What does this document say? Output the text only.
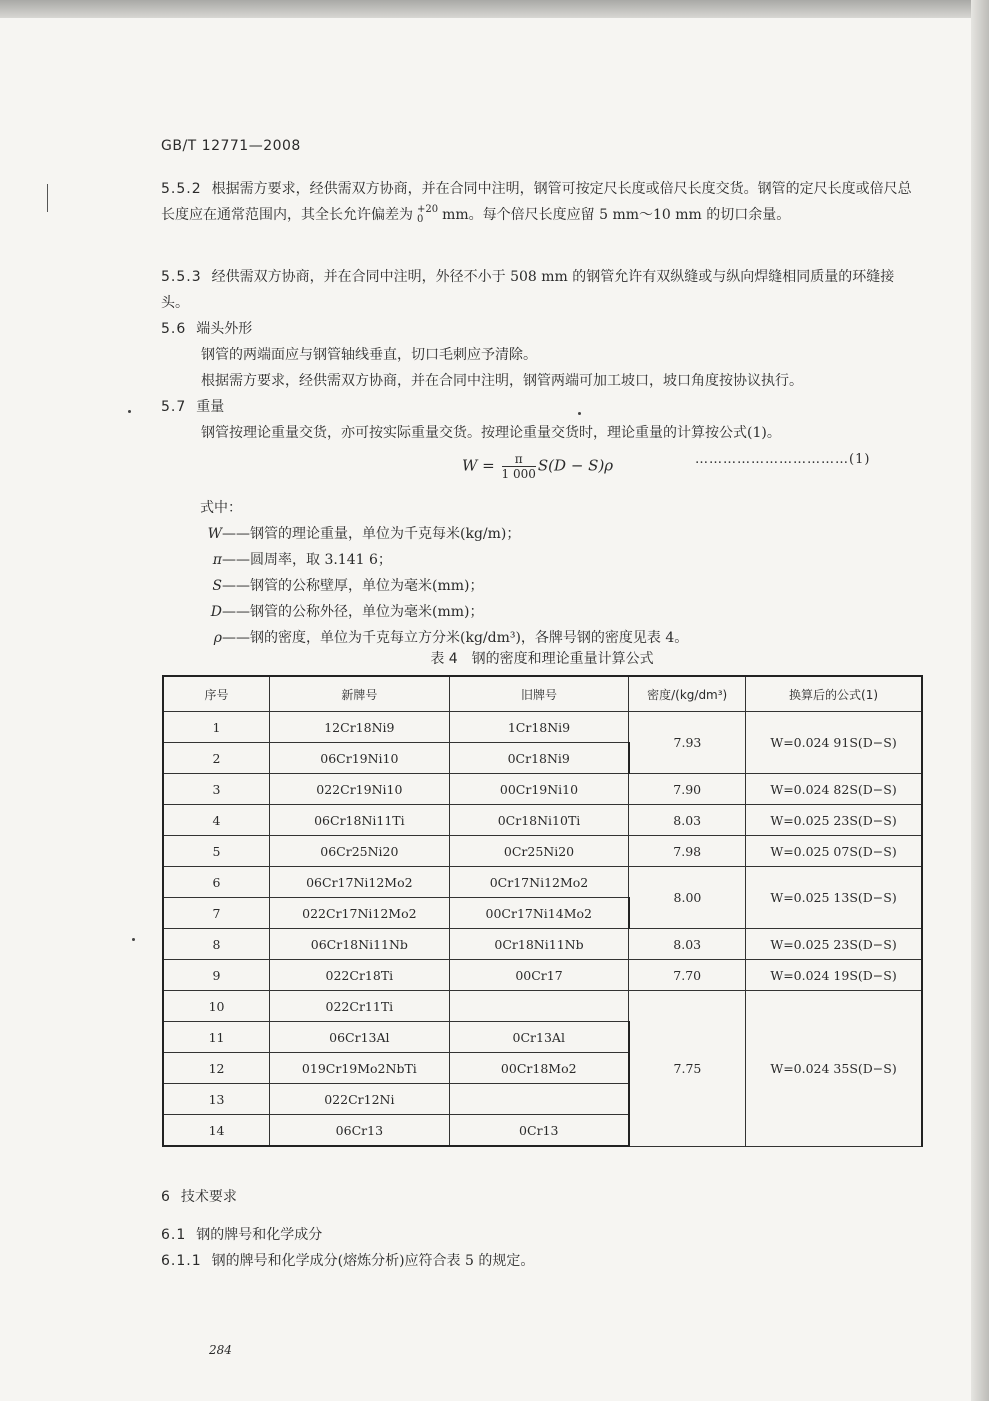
GB/T 12771—2008
5.5.2 根据需方要求，经供需双方协商，并在合同中注明，钢管可按定尺长度或倍尺长度交货。钢管的定尺长度或倍尺总长度应在通常范围内，其全长允许偏差为 +20
0	mm。每个倍尺长度应留 5 mm～10 mm 的切口余量。
5.5.3 经供需双方协商，并在合同中注明，外径不小于 508 mm 的钢管允许有双纵缝或与纵向焊缝相同质量的环缝接头。
5.6 端头外形
钢管的两端面应与钢管轴线垂直，切口毛刺应予清除。
根据需方要求，经供需双方协商，并在合同中注明，钢管两端可加工坡口，坡口角度按协议执行。
5.7 重量
钢管按理论重量交货，亦可按实际重量交货。按理论重量交货时，理论重量的计算按公式(1)。
$W = \frac{\pi}{1 000} S(D - S)\rho$	……………………………(1)
式中：
W——钢管的理论重量，单位为千克每米(kg/m)；
π——圆周率，取 3.141 6；
S——钢管的公称壁厚，单位为毫米(mm)；
D——钢管的公称外径，单位为毫米(mm)；
ρ——钢的密度，单位为千克每立方分米(kg/dm³)，各牌号钢的密度见表 4。
表 4　钢的密度和理论重量计算公式
序号	新牌号	旧牌号	密度/(kg/dm³)	换算后的公式(1)
1	12Cr18Ni9	1Cr18Ni9	7.93	W=0.024 91S(D−S)
2	06Cr19Ni10	0Cr18Ni9		
3	022Cr19Ni10	00Cr19Ni10	7.90	W=0.024 82S(D−S)
4	06Cr18Ni11Ti	0Cr18Ni10Ti	8.03	W=0.025 23S(D−S)
5	06Cr25Ni20	0Cr25Ni20	7.98	W=0.025 07S(D−S)
6	06Cr17Ni12Mo2	0Cr17Ni12Mo2	8.00	W=0.025 13S(D−S)
7	022Cr17Ni12Mo2	00Cr17Ni14Mo2		
8	06Cr18Ni11Nb	0Cr18Ni11Nb	8.03	W=0.025 23S(D−S)
9	022Cr18Ti	00Cr17	7.70	W=0.024 19S(D−S)
10	022Cr11Ti		7.75	W=0.024 35S(D−S)
11	06Cr13Al	0Cr13Al		
12	019Cr19Mo2NbTi	00Cr18Mo2		
13	022Cr12Ni			
14	06Cr13	0Cr13		
6 技术要求
6.1 钢的牌号和化学成分
6.1.1 钢的牌号和化学成分(熔炼分析)应符合表 5 的规定。
284
